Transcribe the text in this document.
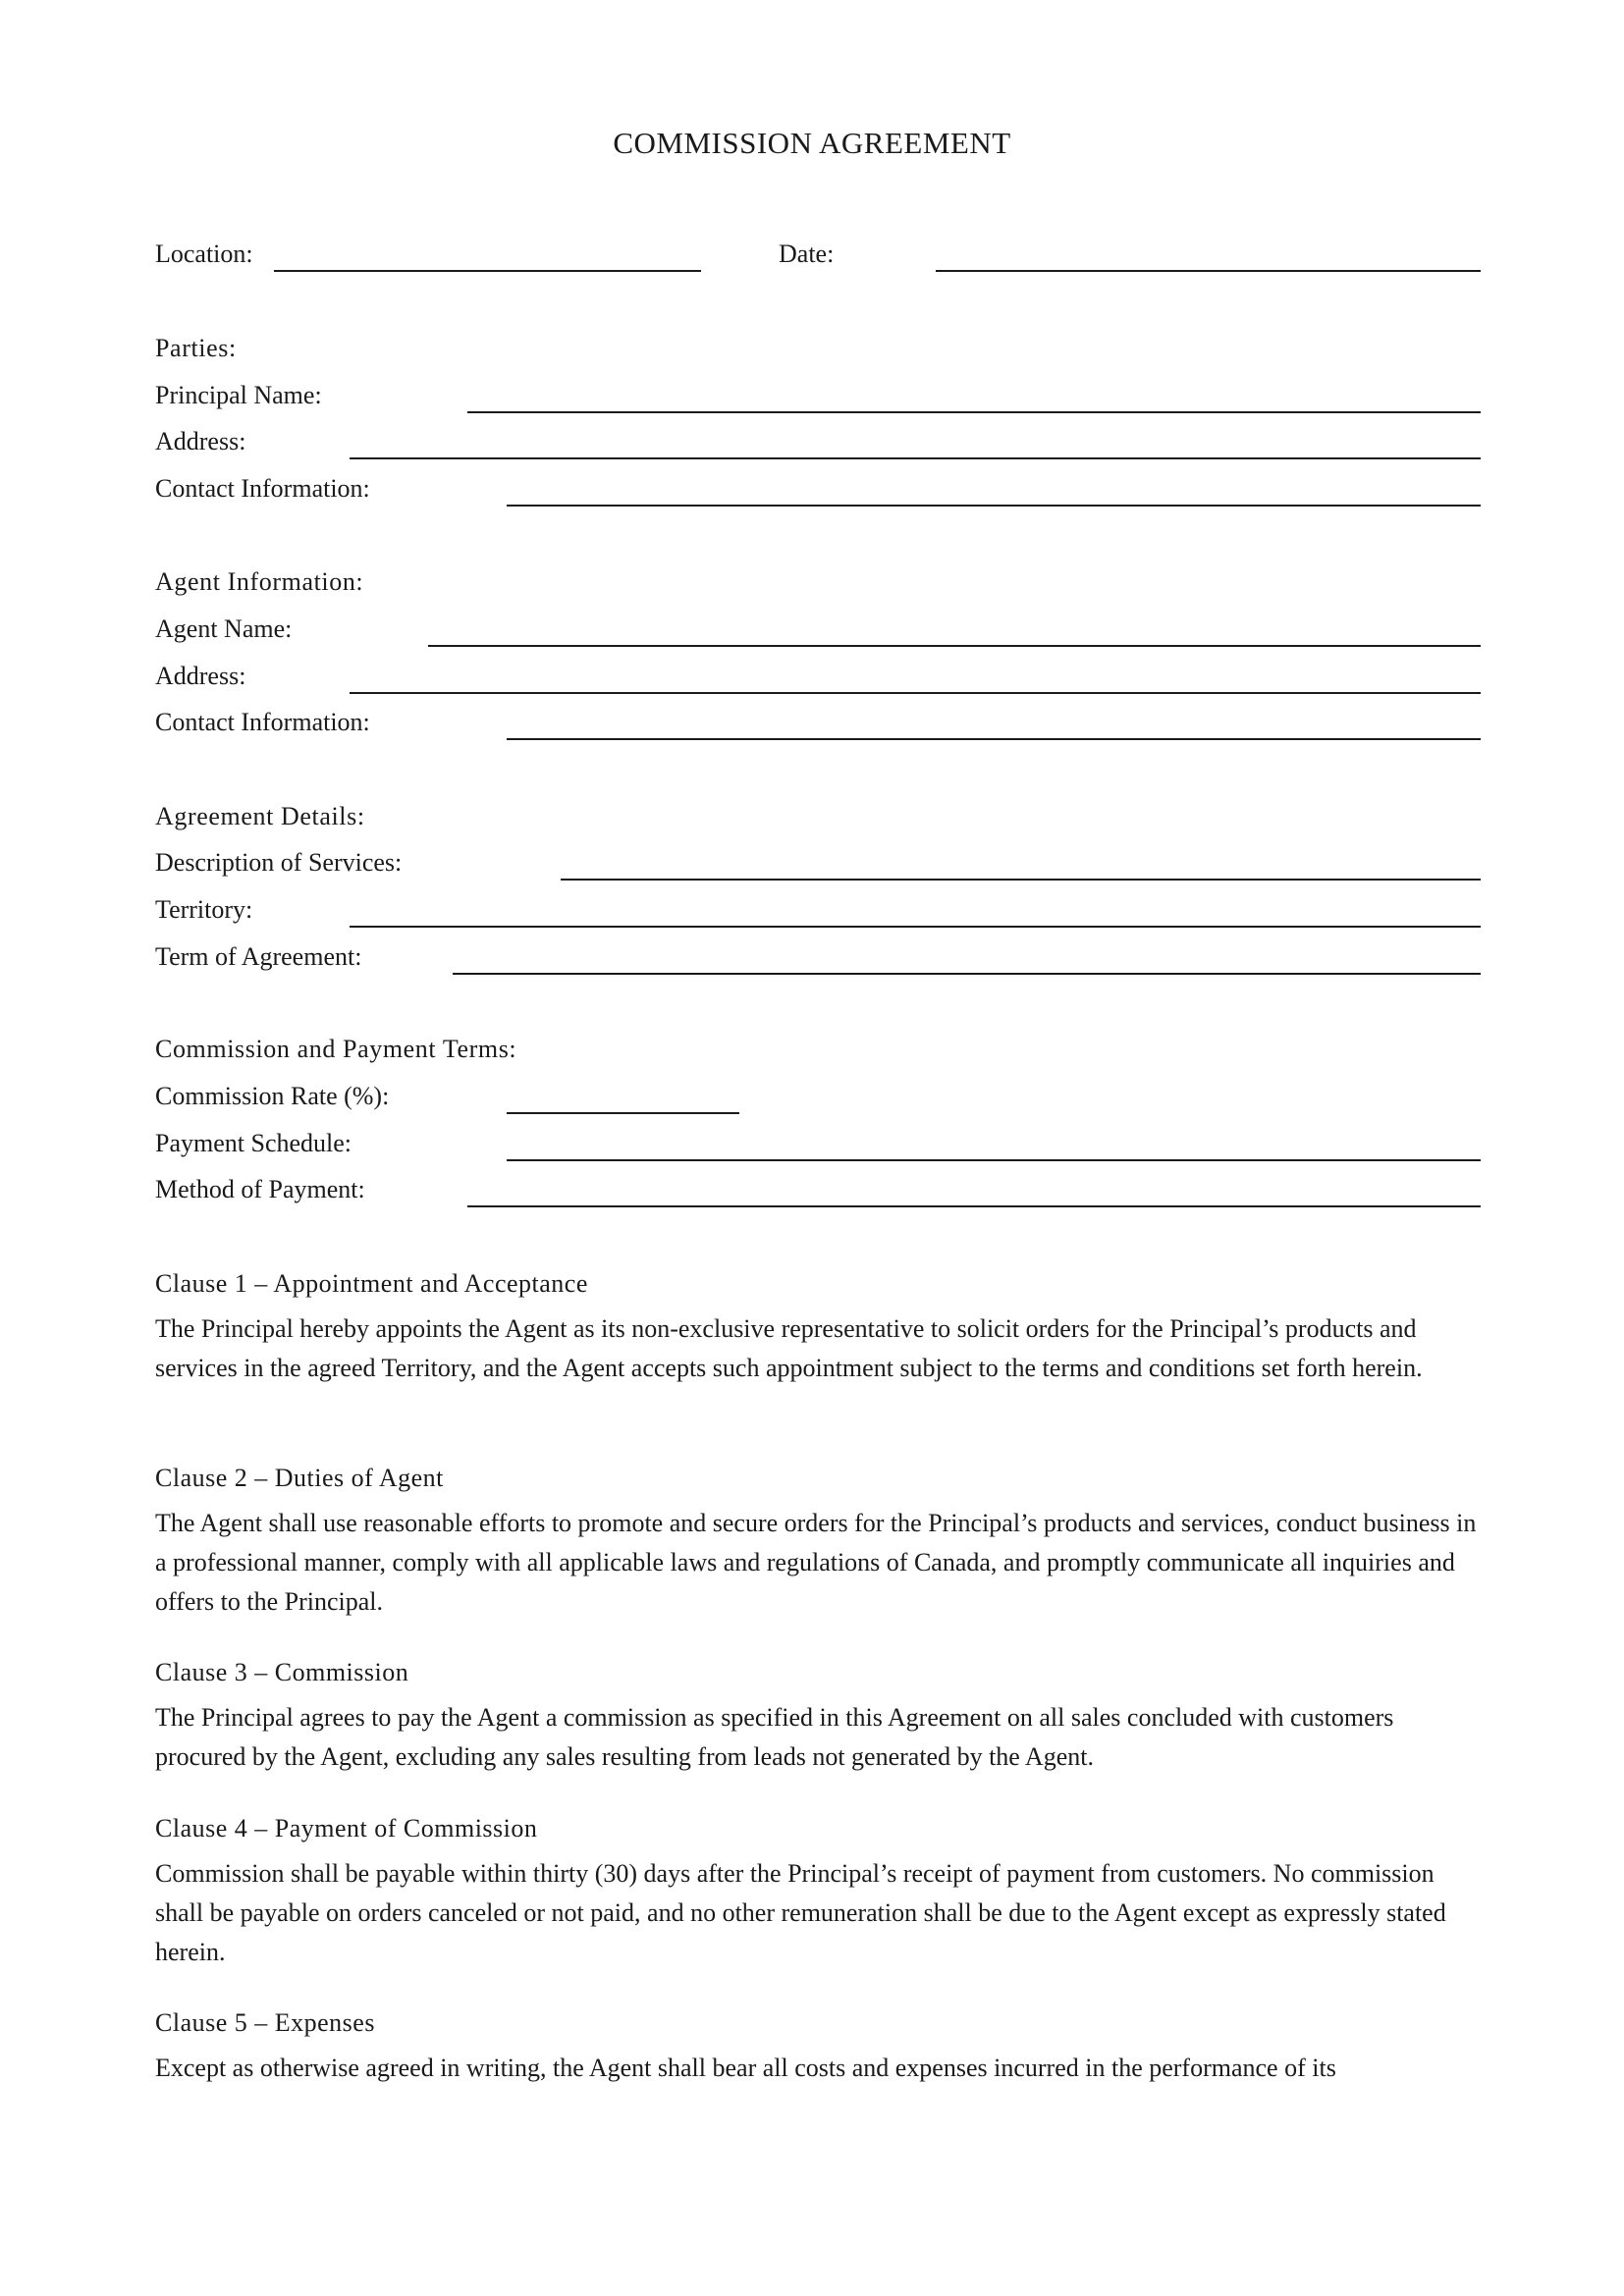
COMMISSION AGREEMENT
Location:	Date:
Parties:
Principal Name:
Address:
Contact Information:
Agent Information:
Agent Name:
Address:
Contact Information:
Agreement Details:
Description of Services:
Territory:
Term of Agreement:
Commission and Payment Terms:
Commission Rate (%):
Payment Schedule:
Method of Payment:
Clause 1 – Appointment and Acceptance
The Principal hereby appoints the Agent as its non-exclusive representative to solicit orders for the Principal’s products and services in the agreed Territory, and the Agent accepts such appointment subject to the terms and conditions set forth herein.
Clause 2 – Duties of Agent
The Agent shall use reasonable efforts to promote and secure orders for the Principal’s products and services, conduct business in a professional manner, comply with all applicable laws and regulations of Canada, and promptly communicate all inquiries and offers to the Principal.
Clause 3 – Commission
The Principal agrees to pay the Agent a commission as specified in this Agreement on all sales concluded with customers procured by the Agent, excluding any sales resulting from leads not generated by the Agent.
Clause 4 – Payment of Commission
Commission shall be payable within thirty (30) days after the Principal’s receipt of payment from customers. No commission shall be payable on orders canceled or not paid, and no other remuneration shall be due to the Agent except as expressly stated herein.
Clause 5 – Expenses
Except as otherwise agreed in writing, the Agent shall bear all costs and expenses incurred in the performance of its
